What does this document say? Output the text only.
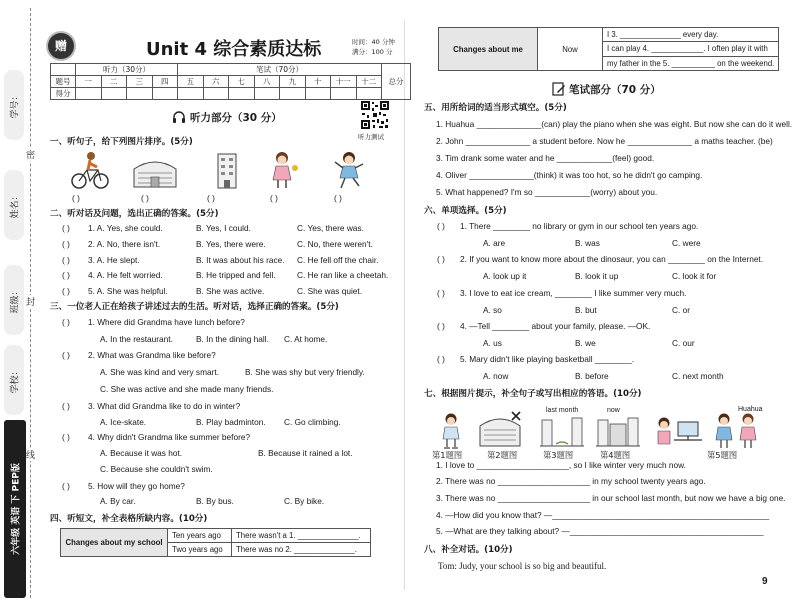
学号：
姓名：
班级：
学校：
密
封
线
六年级 英语 下 PEP版
赠	Unit 4 综合素质达标	时间：40 分钟
满分：100 分
	听力（30分）				笔试（70分）								总分
题号	一	二	三	四	五	六	七	八	九	十	十一	十二	
得分													
听力测试
听力部分（30 分）
Changes about my school	Ten years ago	There wasn't a 1. ______________.
	Two years ago	There was no 2. ______________.
Changes about me	Now	I 3. ______________ every day.
I can play 4. ____________. I often play it with
my father in the 5. __________ on the weekend.
笔试部分（70 分）
last month	now	Huahua
9
一、听句子，给下列图片排序。(5分)
( )	( )	( )	( )	( )
二、听对话及问题，选出正确的答案。(5分)
( ) 1. A. Yes, she could.	B. Yes, I could.	C. Yes, there was.
( ) 2. A. No, there isn't.	B. Yes, there were.	C. No, there weren't.
( ) 3. A. He slept.	B. It was about his race. C. He fell off the chair.
( ) 4. A. He felt worried.	B. He tripped and fell.	C. He ran like a cheetah.
( ) 5. A. She was helpful.	B. She was active.	C. She was quiet.
三、一位老人正在给孩子讲述过去的生活。听对话，选择正确的答案。(5分)
( ) 1. Where did Grandma have lunch before?
A. In the restaurant.	B. In the dining hall. C. At home.
( ) 2. What was Grandma like before?
A. She was kind and very smart.	B. She was shy but very friendly.
C. She was active and she made many friends.
( ) 3. What did Grandma like to do in winter?
A. Ice-skate.	B. Play badminton. C. Go climbing.
( ) 4. Why didn't Grandma like summer before?
A. Because it was hot.	B. Because it rained a lot.
C. Because she couldn't swim.
( ) 5. How will they go home?
A. By car.	B. By bus.	C. By bike.
四、听短文，补全表格所缺内容。(10分)
五、用所给词的适当形式填空。(5分)
1. Huahua ______________(can) play the piano when she was eight. But now she can do it well.
2. John ______________ a student before. Now he ______________ a maths teacher. (be)
3. Tim drank some water and he ____________(feel) good.
4. Oliver ______________(think) it was too hot, so he didn't go camping.
5. What happened? I'm so ____________(worry) about you.
六、单项选择。(5分)
( ) 1. There ________ no library or gym in our school ten years ago.
A. are	B. was	C. were
( ) 2. If you want to know more about the dinosaur, you can ________ on the Internet.
A. look up it	B. look it up	C. look it for
( ) 3. I love to eat ice cream, ________ I like summer very much.
A. so	B. but	C. or
( ) 4. —Tell ________ about your family, please. —OK.
A. us	B. we	C. our
( ) 5. Mary didn't like playing basketball ________.
A. now	B. before	C. next month
七、根据图片提示，补全句子或写出相应的答语。(10分)
第1题图	第2题图	第3题图	第4题图	第5题图
1. I love to ____________________, so I like winter very much now.
2. There was no ____________________ in my school twenty years ago.
3. There was no ____________________ in our school last month, but now we have a big one.
4. —How did you know that? —_______________________________________________
5. —What are they talking about? —__________________________________________
八、补全对话。(10分)
Tom: Judy, your school is so big and beautiful.
